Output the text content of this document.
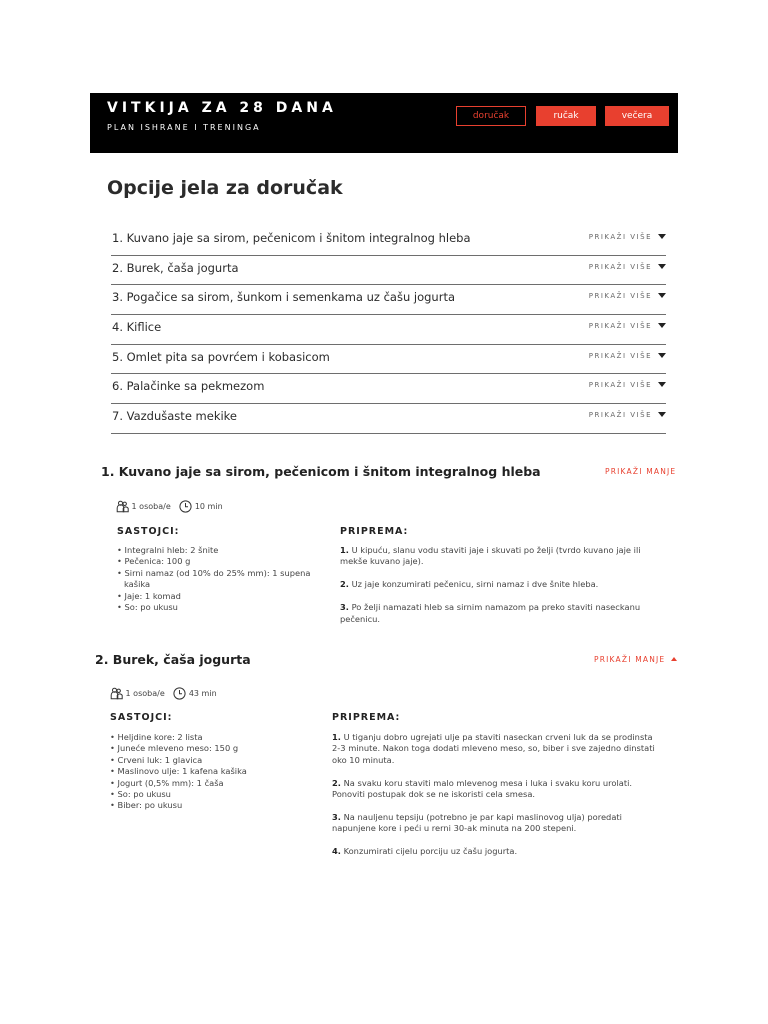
VITKIJA ZA 28 DANA
PLAN ISHRANE I TRENINGA
doručak	ručak	večera
Opcije jela za doručak
1. Kuvano jaje sa sirom, pečenicom i šnitom integralnog hleba	PRIKAŽI VIŠE
2. Burek, čaša jogurta	PRIKAŽI VIŠE
3. Pogačice sa sirom, šunkom i semenkama uz čašu jogurta	PRIKAŽI VIŠE
4. Kiflice	PRIKAŽI VIŠE
5. Omlet pita sa povrćem i kobasicom	PRIKAŽI VIŠE
6. Palačinke sa pekmezom	PRIKAŽI VIŠE
7. Vazdušaste mekike	PRIKAŽI VIŠE
1. Kuvano jaje sa sirom, pečenicom i šnitom integralnog hleba	PRIKAŽI MANJE
1 osoba/e	10 min
SASTOJCI:	PRIPREMA:
• Integralni hleb: 2 šnite
• Pečenica: 100 g
• Sirni namaz (od 10% do 25% mm): 1 supena kašika
• Jaje: 1 komad
• So: po ukusu

1. U kipuću, slanu vodu staviti jaje i skuvati po želji (tvrdo kuvano jaje ili mekše kuvano jaje).

2. Uz jaje konzumirati pečenicu, sirni namaz i dve šnite hleba.

3. Po želji namazati hleb sa sirnim namazom pa preko staviti naseckanu pečenicu.

2. Burek, čaša jogurta	PRIKAŽI MANJE
1 osoba/e	43 min
SASTOJCI:	PRIPREMA:
• Heljdine kore: 2 lista
• Juneće mleveno meso: 150 g
• Crveni luk: 1 glavica
• Maslinovo ulje: 1 kafena kašika
• Jogurt (0,5% mm): 1 čaša
• So: po ukusu
• Biber: po ukusu

1. U tiganju dobro ugrejati ulje pa staviti naseckan crveni luk da se prodinsta 2-3 minute. Nakon toga dodati mleveno meso, so, biber i sve zajedno dinstati oko 10 minuta.

2. Na svaku koru staviti malo mlevenog mesa i luka i svaku koru urolati. Ponoviti postupak dok se ne iskoristi cela smesa.

3. Na nauljenu tepsiju (potrebno je par kapi maslinovog ulja) poredati napunjene kore i peći u rerni 30-ak minuta na 200 stepeni.

4. Konzumirati cijelu porciju uz čašu jogurta.
